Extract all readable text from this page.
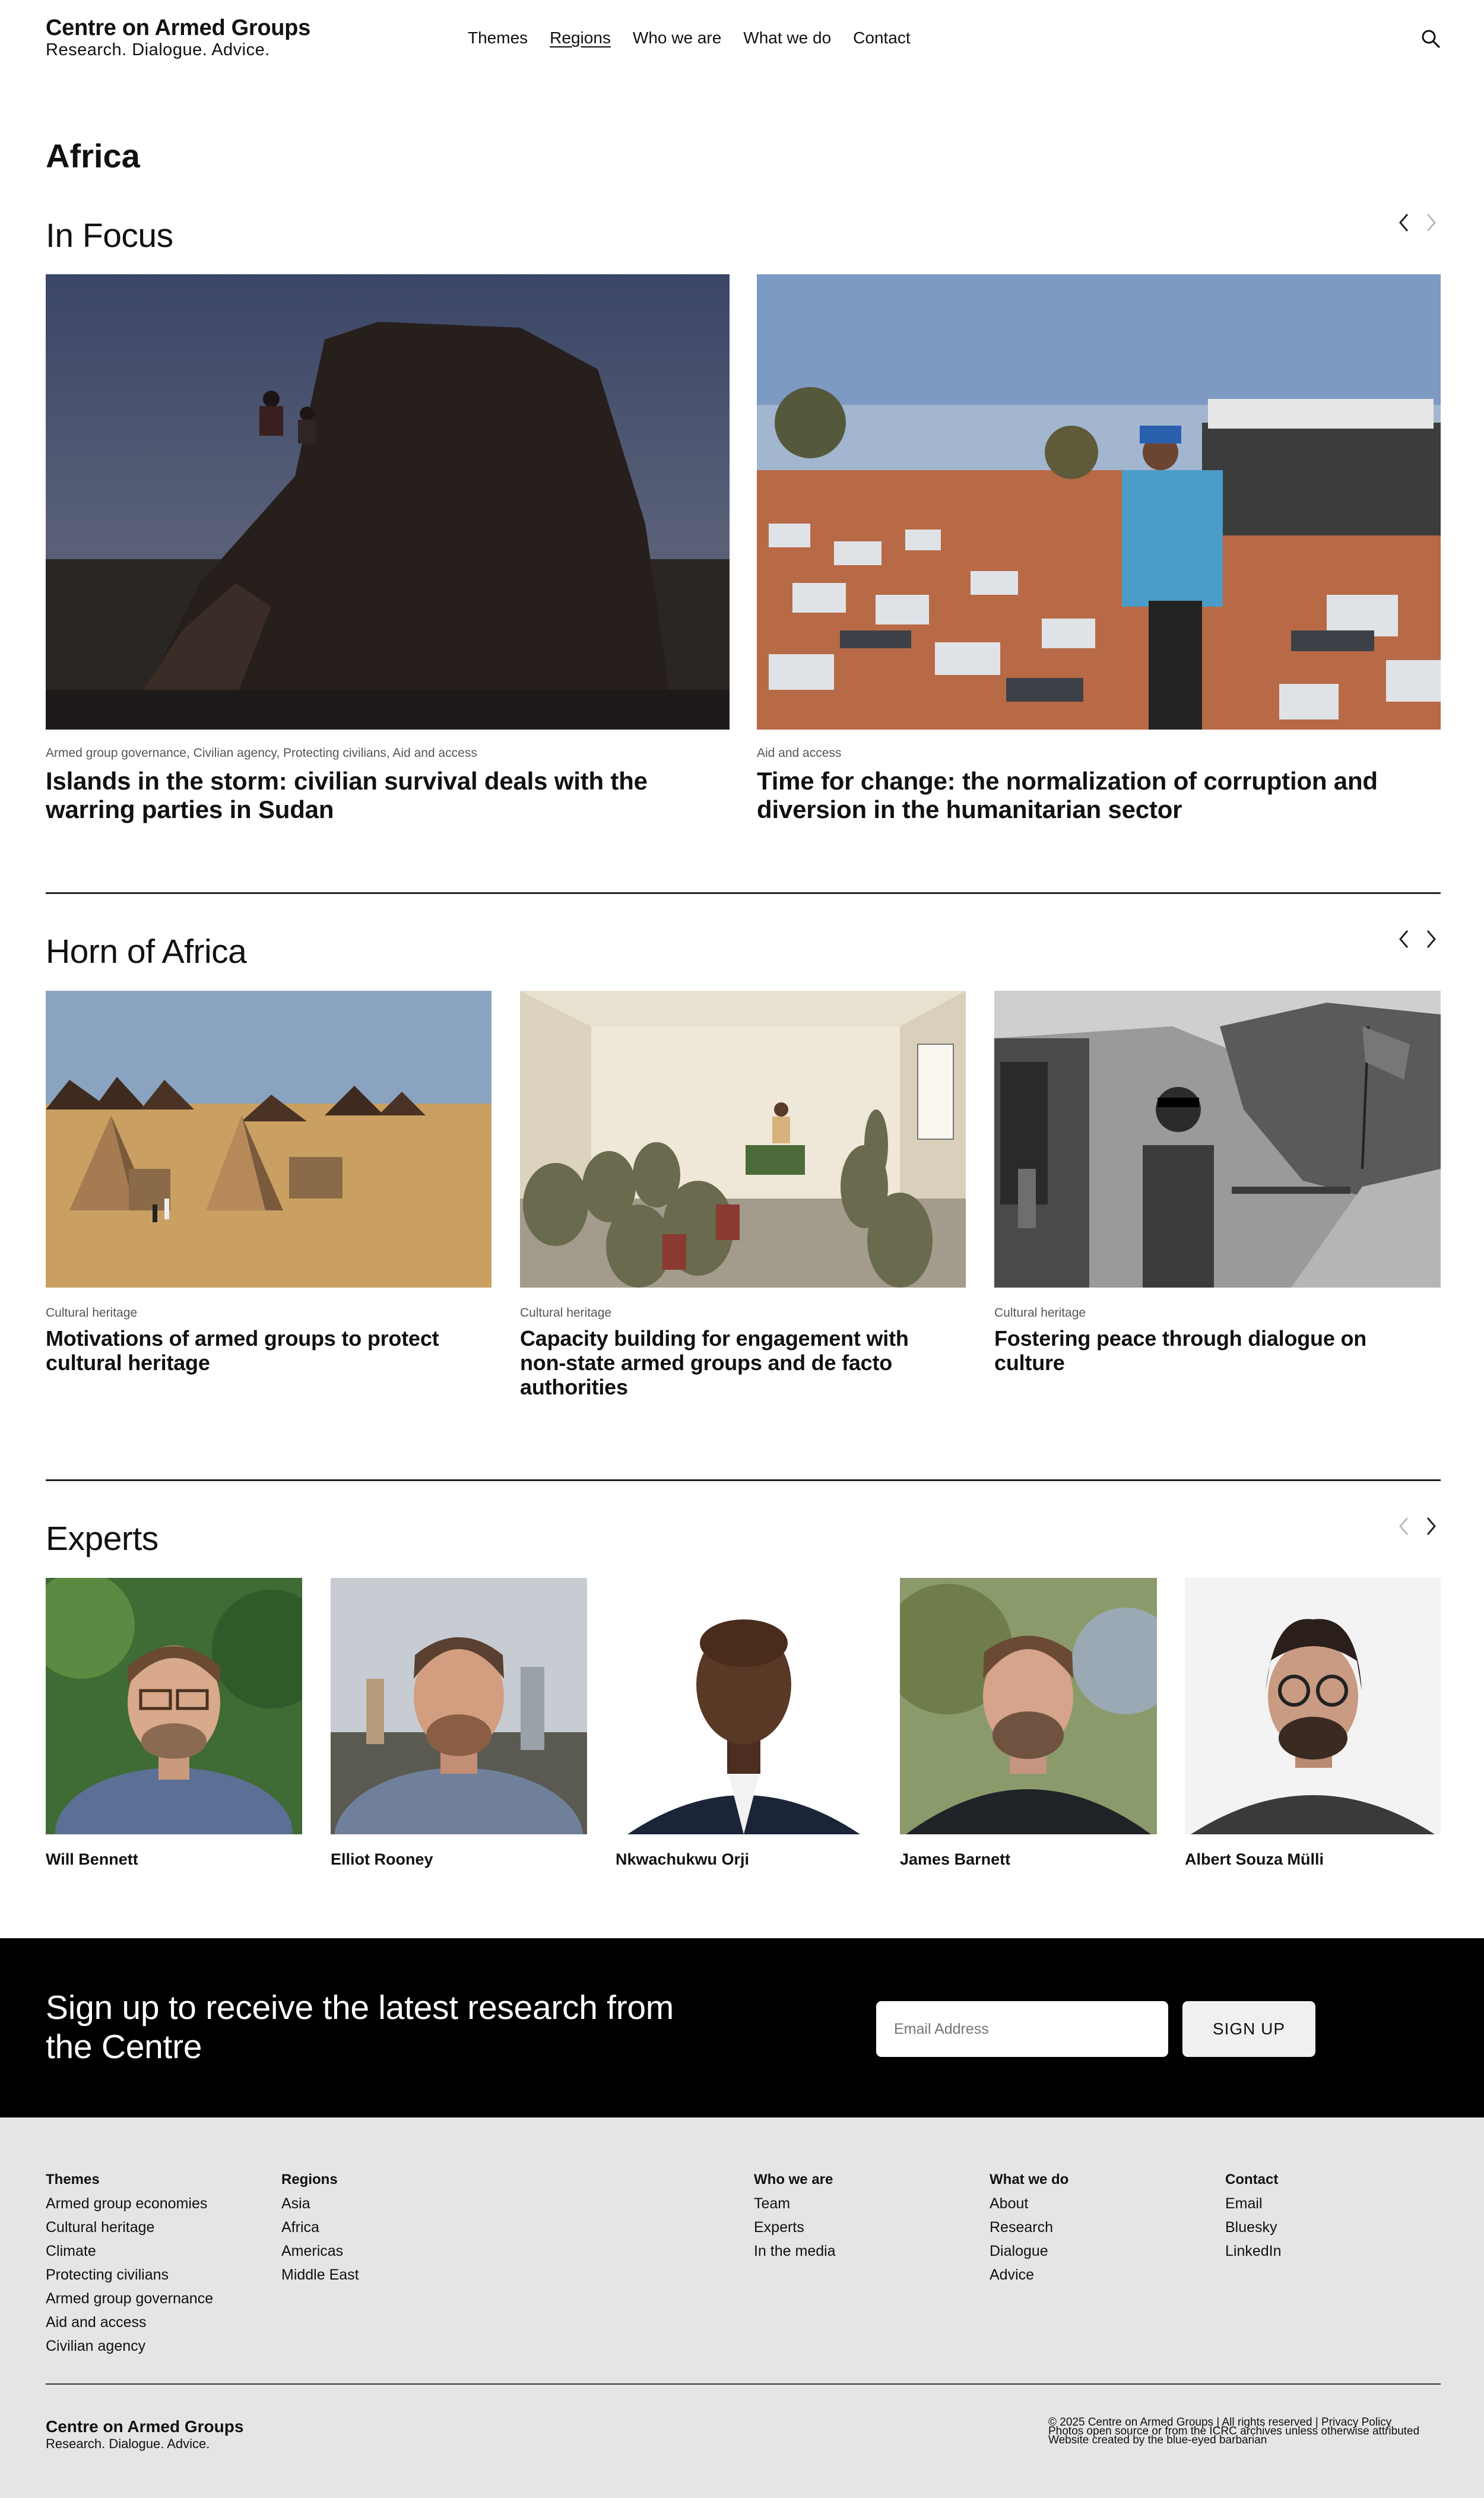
Centre on Armed Groups
Research. Dialogue. Advice.
Themes Regions Who we are What we do Contact
Africa
In Focus
Armed group governance, Civilian agency, Protecting civilians, Aid and access
Islands in the storm: civilian survival deals with the warring parties in Sudan
Aid and access
Time for change: the normalization of corruption and diversion in the humanitarian sector
Horn of Africa
Cultural heritage
Motivations of armed groups to protect cultural heritage
Cultural heritage
Capacity building for engagement with non-state armed groups and de facto authorities
Cultural heritage
Fostering peace through dialogue on culture
Experts
Will Bennett	Elliot Rooney	Nkwachukwu Orji	James Barnett	Albert Souza Mülli
Sign up to receive the latest research from the Centre
Email Address	SIGN UP
Themes
Armed group economies
Cultural heritage
Climate
Protecting civilians
Armed group governance
Aid and access
Civilian agency
Regions
Asia
Africa
Americas
Middle East
Who we are
Team
Experts
In the media
What we do
About
Research
Dialogue
Advice
Contact
Email
Bluesky
LinkedIn
Centre on Armed Groups
Research. Dialogue. Advice.
© 2025 Centre on Armed Groups | All rights reserved | Privacy Policy
Photos open source or from the ICRC archives unless otherwise attributed
Website created by the blue-eyed barbarian
